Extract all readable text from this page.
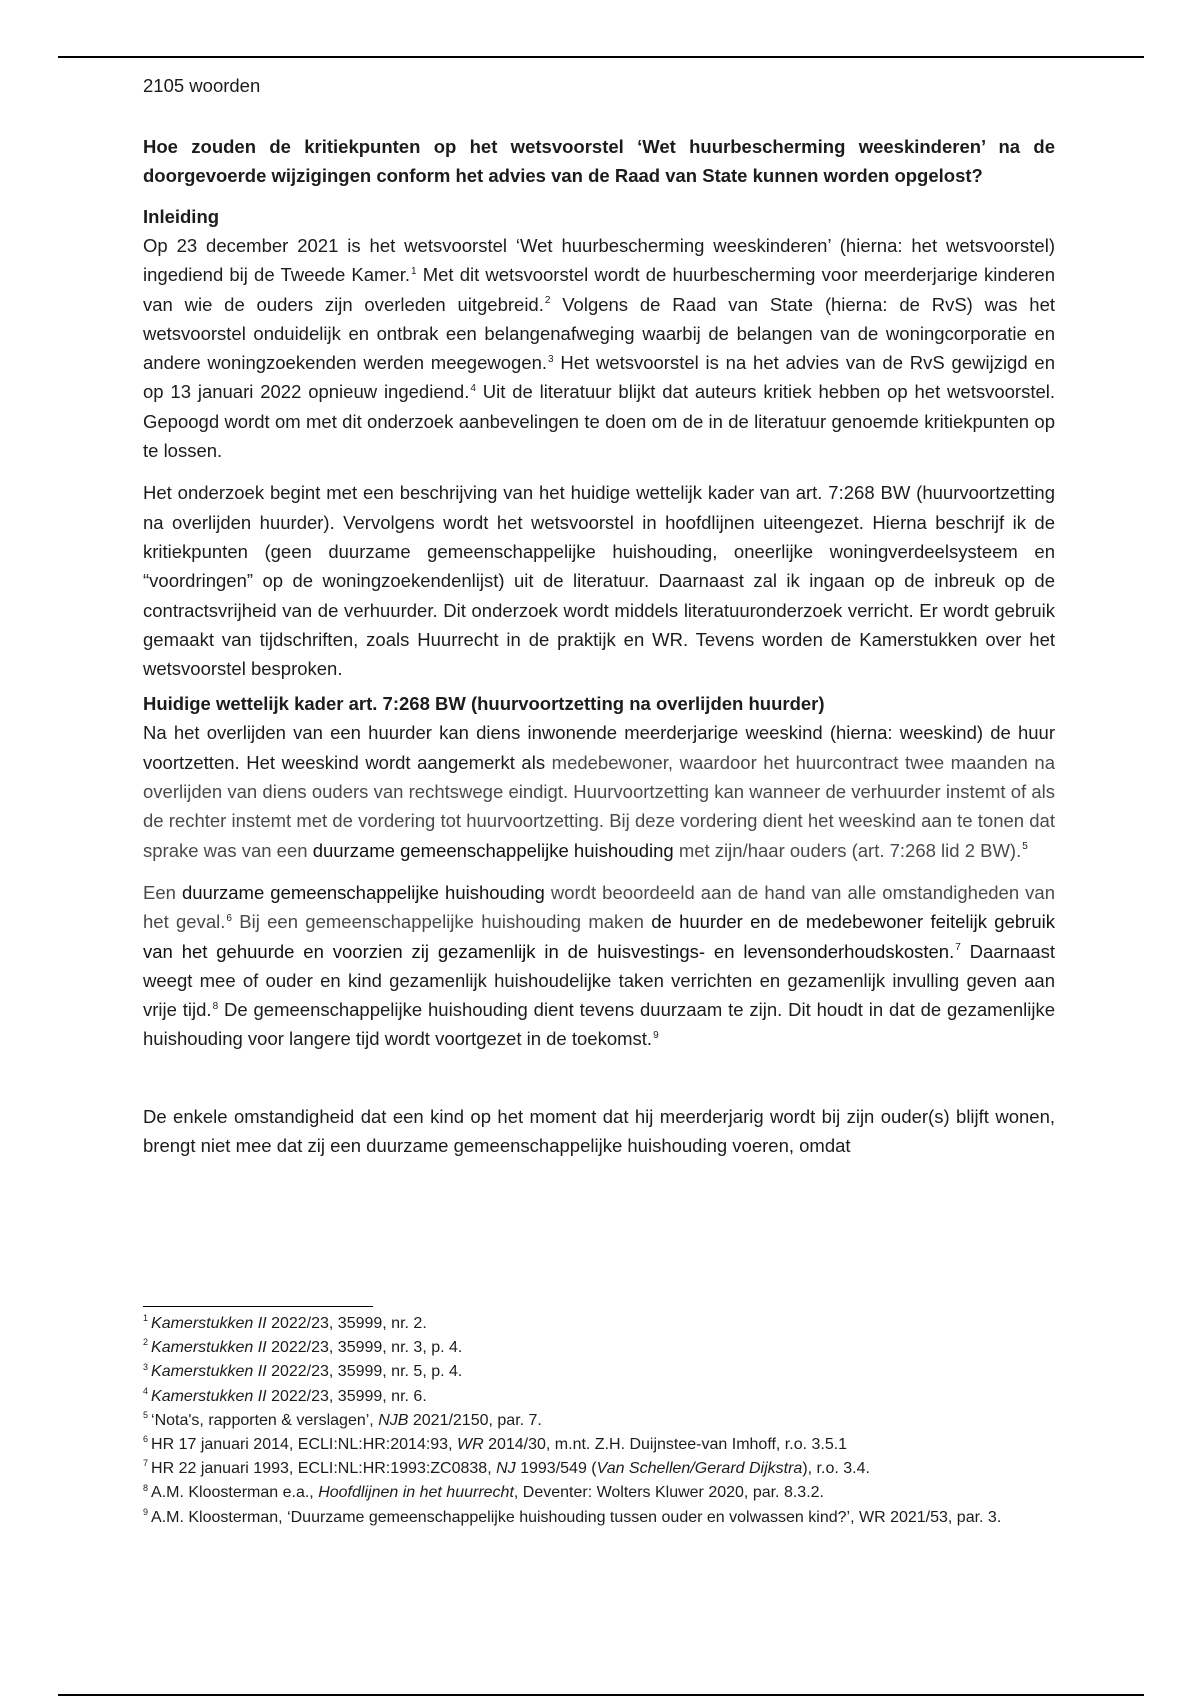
2105 woorden
Hoe zouden de kritiekpunten op het wetsvoorstel ‘Wet huurbescherming weeskinderen’ na de doorgevoerde wijzigingen conform het advies van de Raad van State kunnen worden opgelost?
Inleiding

Op 23 december 2021 is het wetsvoorstel ‘Wet huurbescherming weeskinderen’ (hierna: het wetsvoorstel) ingediend bij de Tweede Kamer.$^1$ Met dit wetsvoorstel wordt de huurbescherming voor meerderjarige kinderen van wie de ouders zijn overleden uitgebreid.$^2$ Volgens de Raad van State (hierna: de RvS) was het wetsvoorstel onduidelijk en ontbrak een belangenafweging waarbij de belangen van de woningcorporatie en andere woningzoekenden werden meegewogen.$^3$ Het wetsvoorstel is na het advies van de RvS gewijzigd en op 13 januari 2022 opnieuw ingediend.$^4$ Uit de literatuur blijkt dat auteurs kritiek hebben op het wetsvoorstel. Gepoogd wordt om met dit onderzoek aanbevelingen te doen om de in de literatuur genoemde kritiekpunten op te lossen.

Het onderzoek begint met een beschrijving van het huidige wettelijk kader van art. 7:268 BW (huurvoortzetting na overlijden huurder). Vervolgens wordt het wetsvoorstel in hoofdlijnen uiteengezet. Hierna beschrijf ik de kritiekpunten (geen duurzame gemeenschappelijke huishouding, oneerlijke woningverdeelsysteem en “voordringen” op de woningzoekendenlijst) uit de literatuur. Daarnaast zal ik ingaan op de inbreuk op de contractsvrijheid van de verhuurder. Dit onderzoek wordt middels literatuuronderzoek verricht. Er wordt gebruik gemaakt van tijdschriften, zoals Huurrecht in de praktijk en WR. Tevens worden de Kamerstukken over het wetsvoorstel besproken.

Huidige wettelijk kader art. 7:268 BW (huurvoortzetting na overlijden huurder)

Na het overlijden van een huurder kan diens inwonende meerderjarige weeskind (hierna: weeskind) de huur voortzetten. Het weeskind wordt aangemerkt als medebewoner, waardoor het huurcontract twee maanden na overlijden van diens ouders van rechtswege eindigt. Huurvoortzetting kan wanneer de verhuurder instemt of als de rechter instemt met de vordering tot huurvoortzetting. Bij deze vordering dient het weeskind aan te tonen dat sprake was van een duurzame gemeenschappelijke huishouding met zijn/haar ouders (art. 7:268 lid 2 BW).$^5$

Een duurzame gemeenschappelijke huishouding wordt beoordeeld aan de hand van alle omstandigheden van het geval.$^6$ Bij een gemeenschappelijke huishouding maken de huurder en de medebewoner feitelijk gebruik van het gehuurde en voorzien zij gezamenlijk in de huisvestings- en levensonderhoudskosten.$^7$ Daarnaast weegt mee of ouder en kind gezamenlijk huishoudelijke taken verrichten en gezamenlijk invulling geven aan vrije tijd.$^8$ De gemeenschappelijke huishouding dient tevens duurzaam te zijn. Dit houdt in dat de gezamenlijke huishouding voor langere tijd wordt voortgezet in de toekomst.$^9$

De enkele omstandigheid dat een kind op het moment dat hij meerderjarig wordt bij zijn ouder(s) blijft wonen, brengt niet mee dat zij een duurzame gemeenschappelijke huishouding voeren, omdat

$^1$ Kamerstukken II 2022/23, 35999, nr. 2.

$^2$ Kamerstukken II 2022/23, 35999, nr. 3, p. 4.

$^3$ Kamerstukken II 2022/23, 35999, nr. 5, p. 4.

$^4$ Kamerstukken II 2022/23, 35999, nr. 6.

$^5$ ‘Nota's, rapporten & verslagen’, NJB 2021/2150, par. 7.

$^6$ HR 17 januari 2014, ECLI:NL:HR:2014:93, WR 2014/30, m.nt. Z.H. Duijnstee-van Imhoff, r.o. 3.5.1

$^7$ HR 22 januari 1993, ECLI:NL:HR:1993:ZC0838, NJ 1993/549 (Van Schellen/Gerard Dijkstra), r.o. 3.4.

$^8$ A.M. Kloosterman e.a., Hoofdlijnen in het huurrecht, Deventer: Wolters Kluwer 2020, par. 8.3.2.

$^9$ A.M. Kloosterman, ‘Duurzame gemeenschappelijke huishouding tussen ouder en volwassen kind?’, WR 2021/53, par. 3.
